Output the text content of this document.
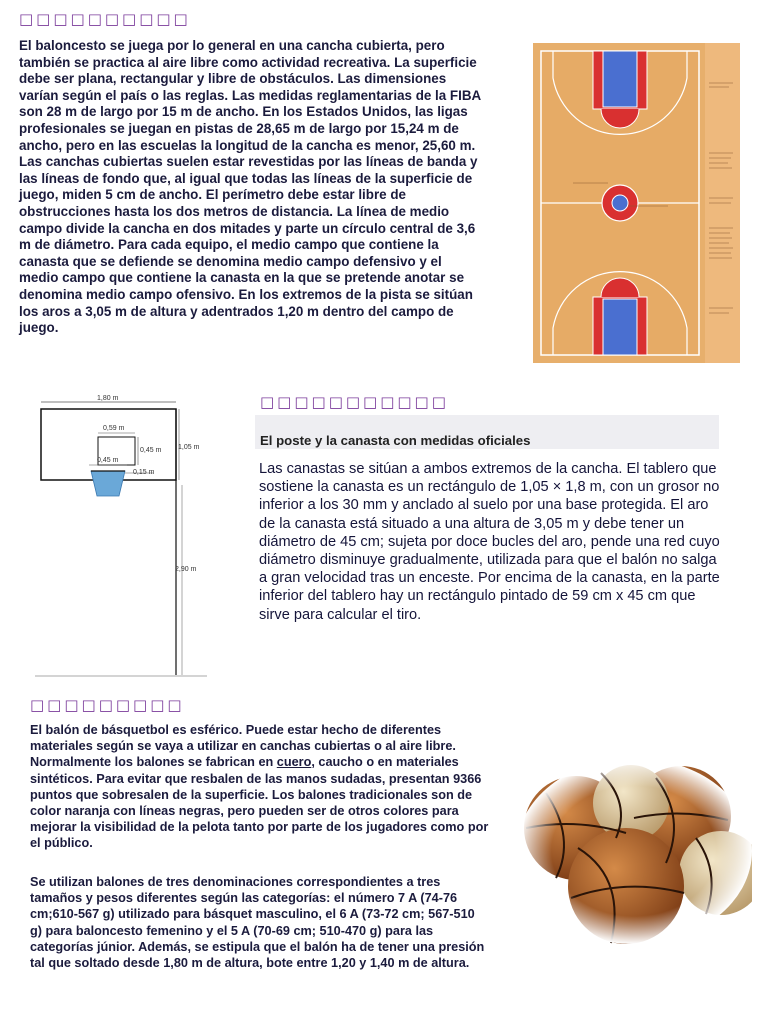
□□□□□□□□□□
El baloncesto se juega por lo general en una cancha cubierta, pero también se practica al aire libre como actividad recreativa. La superficie debe ser plana, rectangular y libre de obstáculos. Las dimensiones varían según el país o las reglas. Las medidas reglamentarias de la FIBA son 28 m de largo por 15 m de ancho. En los Estados Unidos, las ligas profesionales se juegan en pistas de 28,65 m de largo por 15,24 m de ancho, pero en las escuelas la longitud de la cancha es menor, 25,60 m. Las canchas cubiertas suelen estar revestidas por las líneas de banda y las líneas de fondo que, al igual que todas las líneas de la superficie de juego, miden 5 cm de ancho. El perímetro debe estar libre de obstrucciones hasta los dos metros de distancia. La línea de medio campo divide la cancha en dos mitades y parte un círculo central de 3,6 m de diámetro. Para cada equipo, el medio campo que contiene la canasta que se defiende se denomina medio campo defensivo y el medio campo que contiene la canasta en la que se pretende anotar se denomina medio campo ofensivo. En los extremos de la pista se sitúan los aros a 3,05 m de altura y adentrados 1,20 m dentro del campo de juego.
1,80 m
0,59 m
0,45 m
0,45 m
0,15 m
1,05 m
2,90 m
□□□□□□□□□□□
El poste y la canasta con medidas oficiales
Las canastas se sitúan a ambos extremos de la cancha. El tablero que sostiene la canasta es un rectángulo de 1,05 × 1,8 m, con un grosor no inferior a los 30 mm y anclado al suelo por una base protegida. El aro de la canasta está situado a una altura de 3,05 m y debe tener un diámetro de 45 cm; sujeta por doce bucles del aro, pende una red cuyo diámetro disminuye gradualmente, utilizada para que el balón no salga a gran velocidad tras un enceste. Por encima de la canasta, en la parte inferior del tablero hay un rectángulo pintado de 59 cm x 45 cm que sirve para calcular el tiro.
□□□□□□□□□
El balón de básquetbol es esférico. Puede estar hecho de diferentes materiales según se vaya a utilizar en canchas cubiertas o al aire libre. Normalmente los balones se fabrican en cuero, caucho o en materiales sintéticos. Para evitar que resbalen de las manos sudadas, presentan 9366 puntos que sobresalen de la superficie. Los balones tradicionales son de color naranja con líneas negras, pero pueden ser de otros colores para mejorar la visibilidad de la pelota tanto por parte de los jugadores como por el público.
Se utilizan balones de tres denominaciones correspondientes a tres tamaños y pesos diferentes según las categorías: el número 7 A (74-76 cm;610-567 g) utilizado para básquet masculino, el 6 A (73-72 cm; 567-510 g) para baloncesto femenino y el 5 A (70-69 cm; 510-470 g) para las categorías júnior. Además, se estipula que el balón ha de tener una presión tal que soltado desde 1,80 m de altura, bote entre 1,20 y 1,40 m de altura.
